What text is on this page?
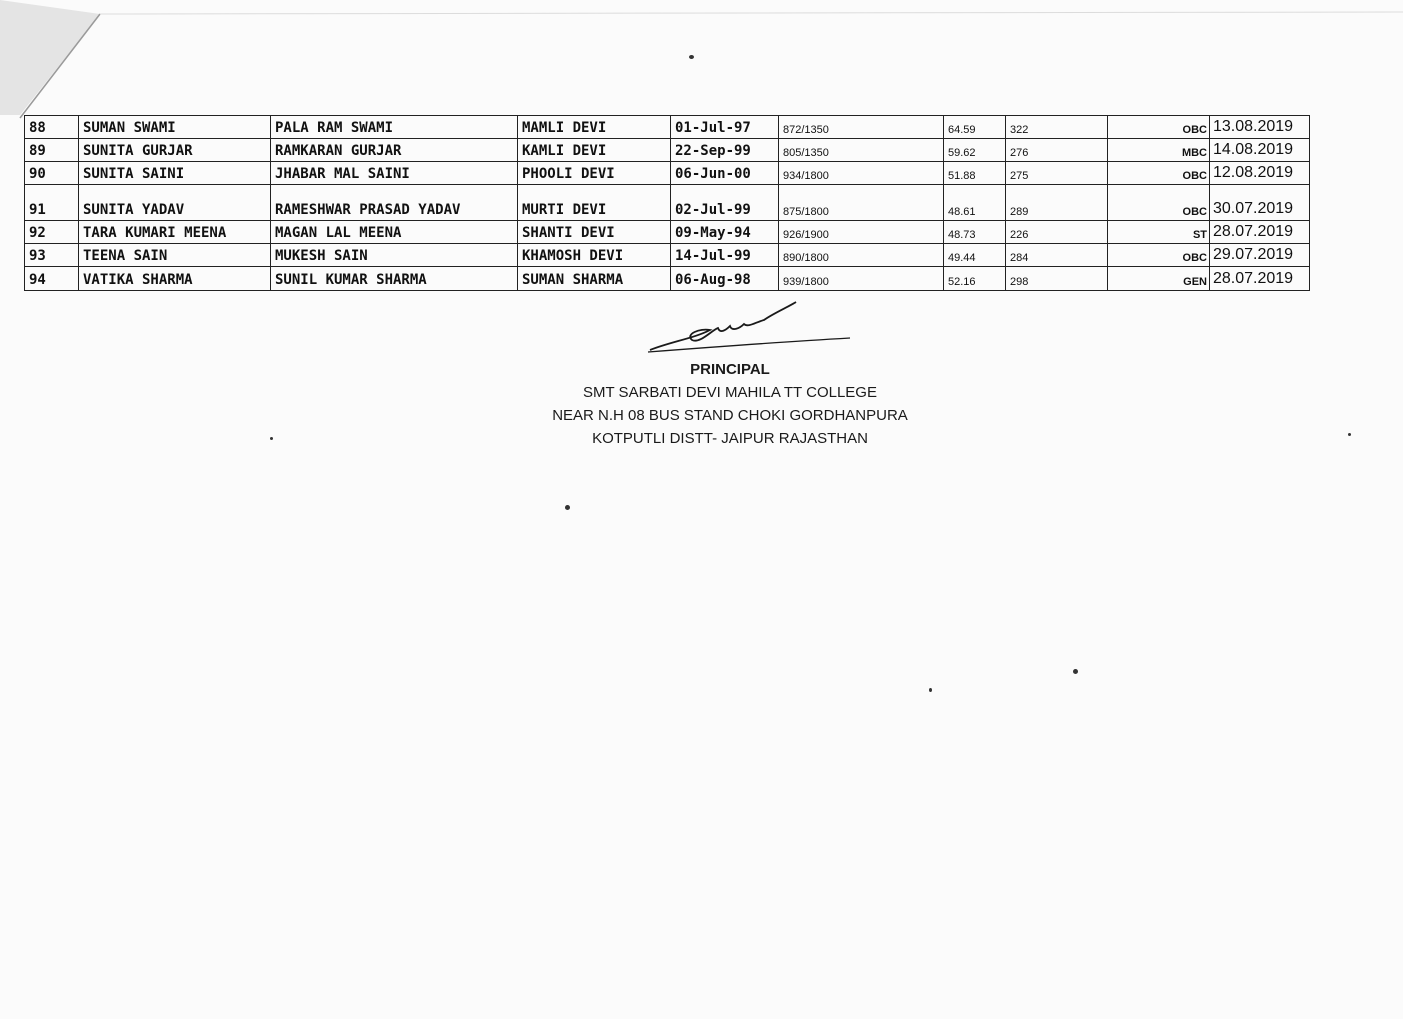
88	SUMAN SWAMI	PALA RAM SWAMI	MAMLI DEVI	01-Jul-97	872/1350	64.59	322	OBC	13.08.2019
89	SUNITA GURJAR	RAMKARAN GURJAR	KAMLI DEVI	22-Sep-99	805/1350	59.62	276	MBC	14.08.2019
90	SUNITA SAINI	JHABAR MAL SAINI	PHOOLI DEVI	06-Jun-00	934/1800	51.88	275	OBC	12.08.2019
91	SUNITA YADAV	RAMESHWAR PRASAD YADAV	MURTI DEVI	02-Jul-99	875/1800	48.61	289	OBC	30.07.2019
92	TARA KUMARI MEENA	MAGAN LAL MEENA	SHANTI DEVI	09-May-94	926/1900	48.73	226	ST	28.07.2019
93	TEENA SAIN	MUKESH SAIN	KHAMOSH DEVI	14-Jul-99	890/1800	49.44	284	OBC	29.07.2019
94	VATIKA SHARMA	SUNIL KUMAR SHARMA	SUMAN SHARMA	06-Aug-98	939/1800	52.16	298	GEN	28.07.2019
PRINCIPAL
SMT SARBATI DEVI MAHILA TT COLLEGE
NEAR N.H 08 BUS STAND CHOKI GORDHANPURA
KOTPUTLI DISTT- JAIPUR RAJASTHAN
